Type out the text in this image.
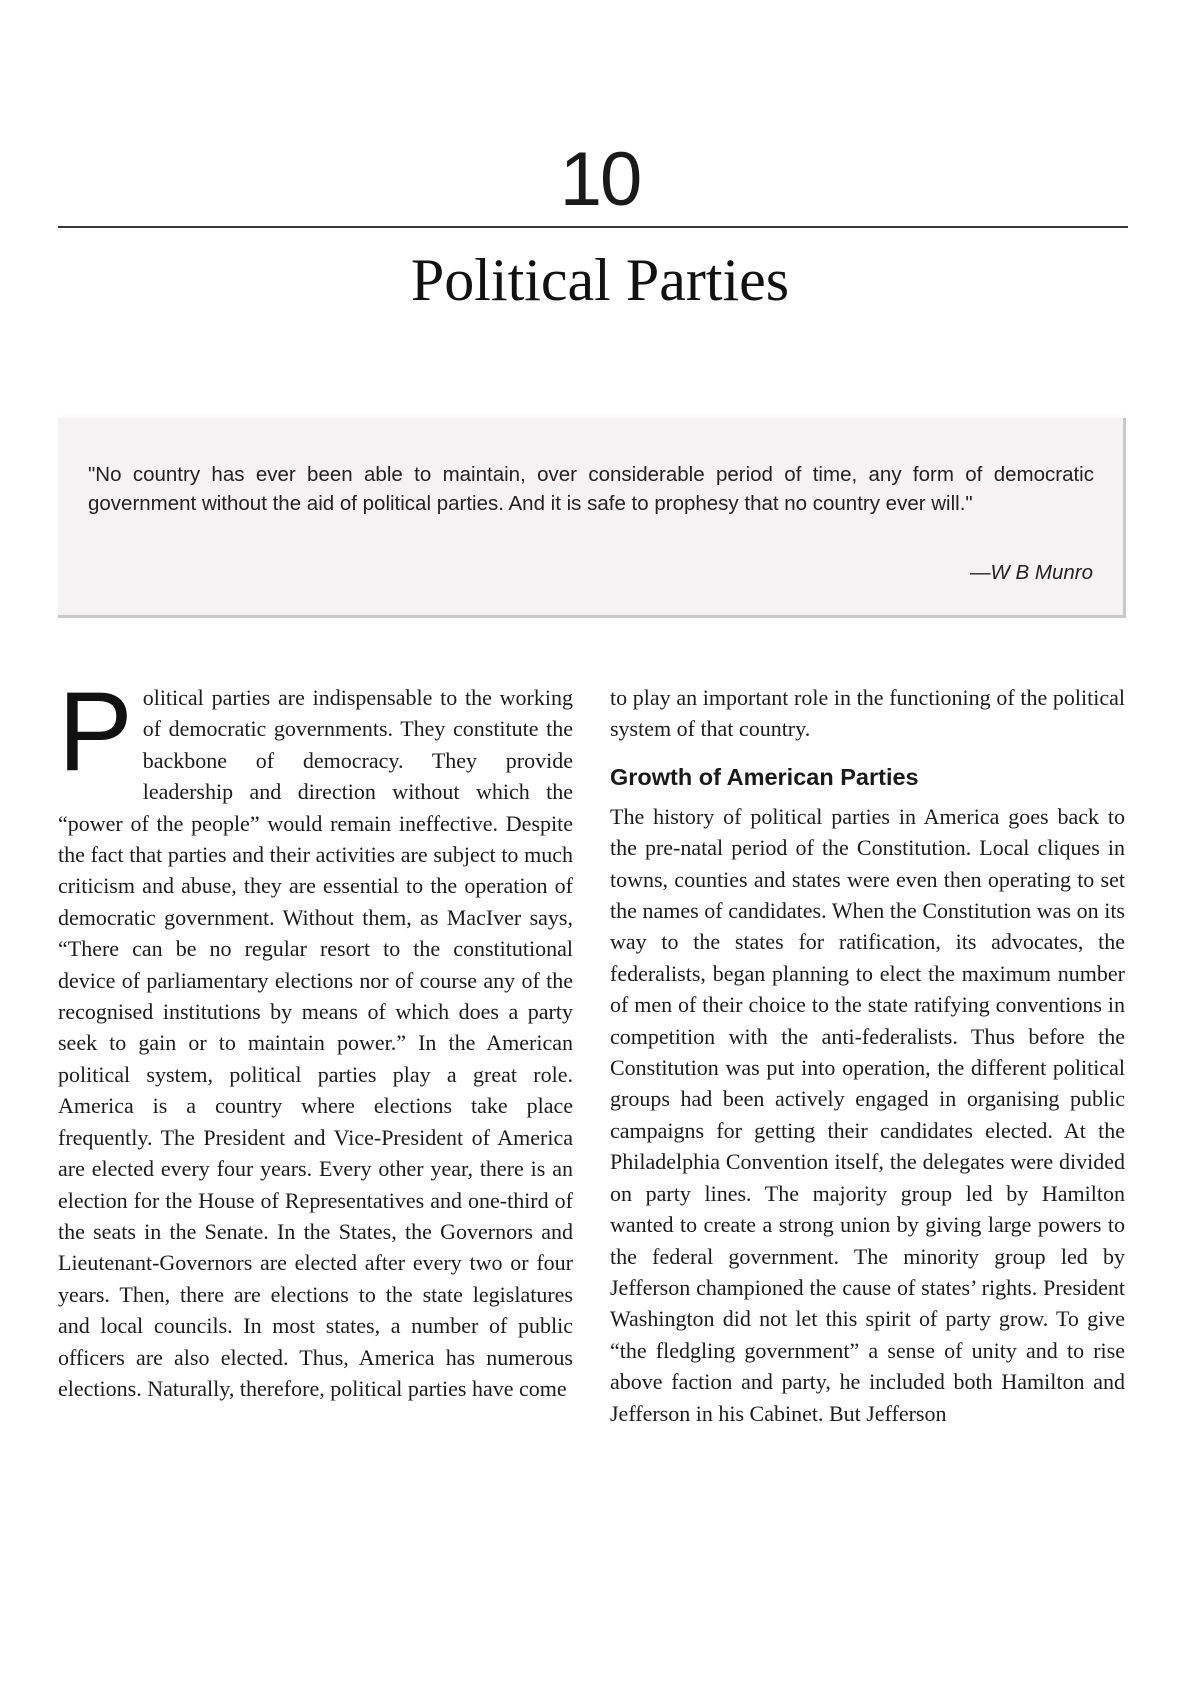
10
Political Parties
"No country has ever been able to maintain, over considerable period of time, any form of democratic government without the aid of political parties. And it is safe to prophesy that no country ever will."
—W B Munro

Political parties are indispensable to the working of democratic governments. They constitute the backbone of democracy. They provide leadership and direction without which the “power of the people” would remain ineffective. Despite the fact that parties and their activities are subject to much criticism and abuse, they are essential to the operation of democratic government. Without them, as MacIver says, “There can be no regular resort to the constitutional device of parliamentary elections nor of course any of the recognised institutions by means of which does a party seek to gain or to maintain power.” In the American political system, political parties play a great role. America is a country where elections take place frequently. The President and Vice-President of America are elected every four years. Every other year, there is an election for the House of Representatives and one-third of the seats in the Senate. In the States, the Governors and Lieutenant-Governors are elected after every two or four years. Then, there are elections to the state legislatures and local councils. In most states, a number of public officers are also elected. Thus, America has numerous elections. Naturally, therefore, political parties have come

to play an important role in the functioning of the political system of that country.

Growth of American Parties

The history of political parties in America goes back to the pre-natal period of the Constitution. Local cliques in towns, counties and states were even then operating to set the names of candidates. When the Constitution was on its way to the states for ratification, its advocates, the federalists, began planning to elect the maximum number of men of their choice to the state ratifying conventions in competition with the anti-federalists. Thus before the Constitution was put into operation, the different political groups had been actively engaged in organising public campaigns for getting their candidates elected. At the Philadelphia Convention itself, the delegates were divided on party lines. The majority group led by Hamilton wanted to create a strong union by giving large powers to the federal government. The minority group led by Jefferson championed the cause of states’ rights. President Washington did not let this spirit of party grow. To give “the fledgling government” a sense of unity and to rise above faction and party, he included both Hamilton and Jefferson in his Cabinet. But Jefferson
